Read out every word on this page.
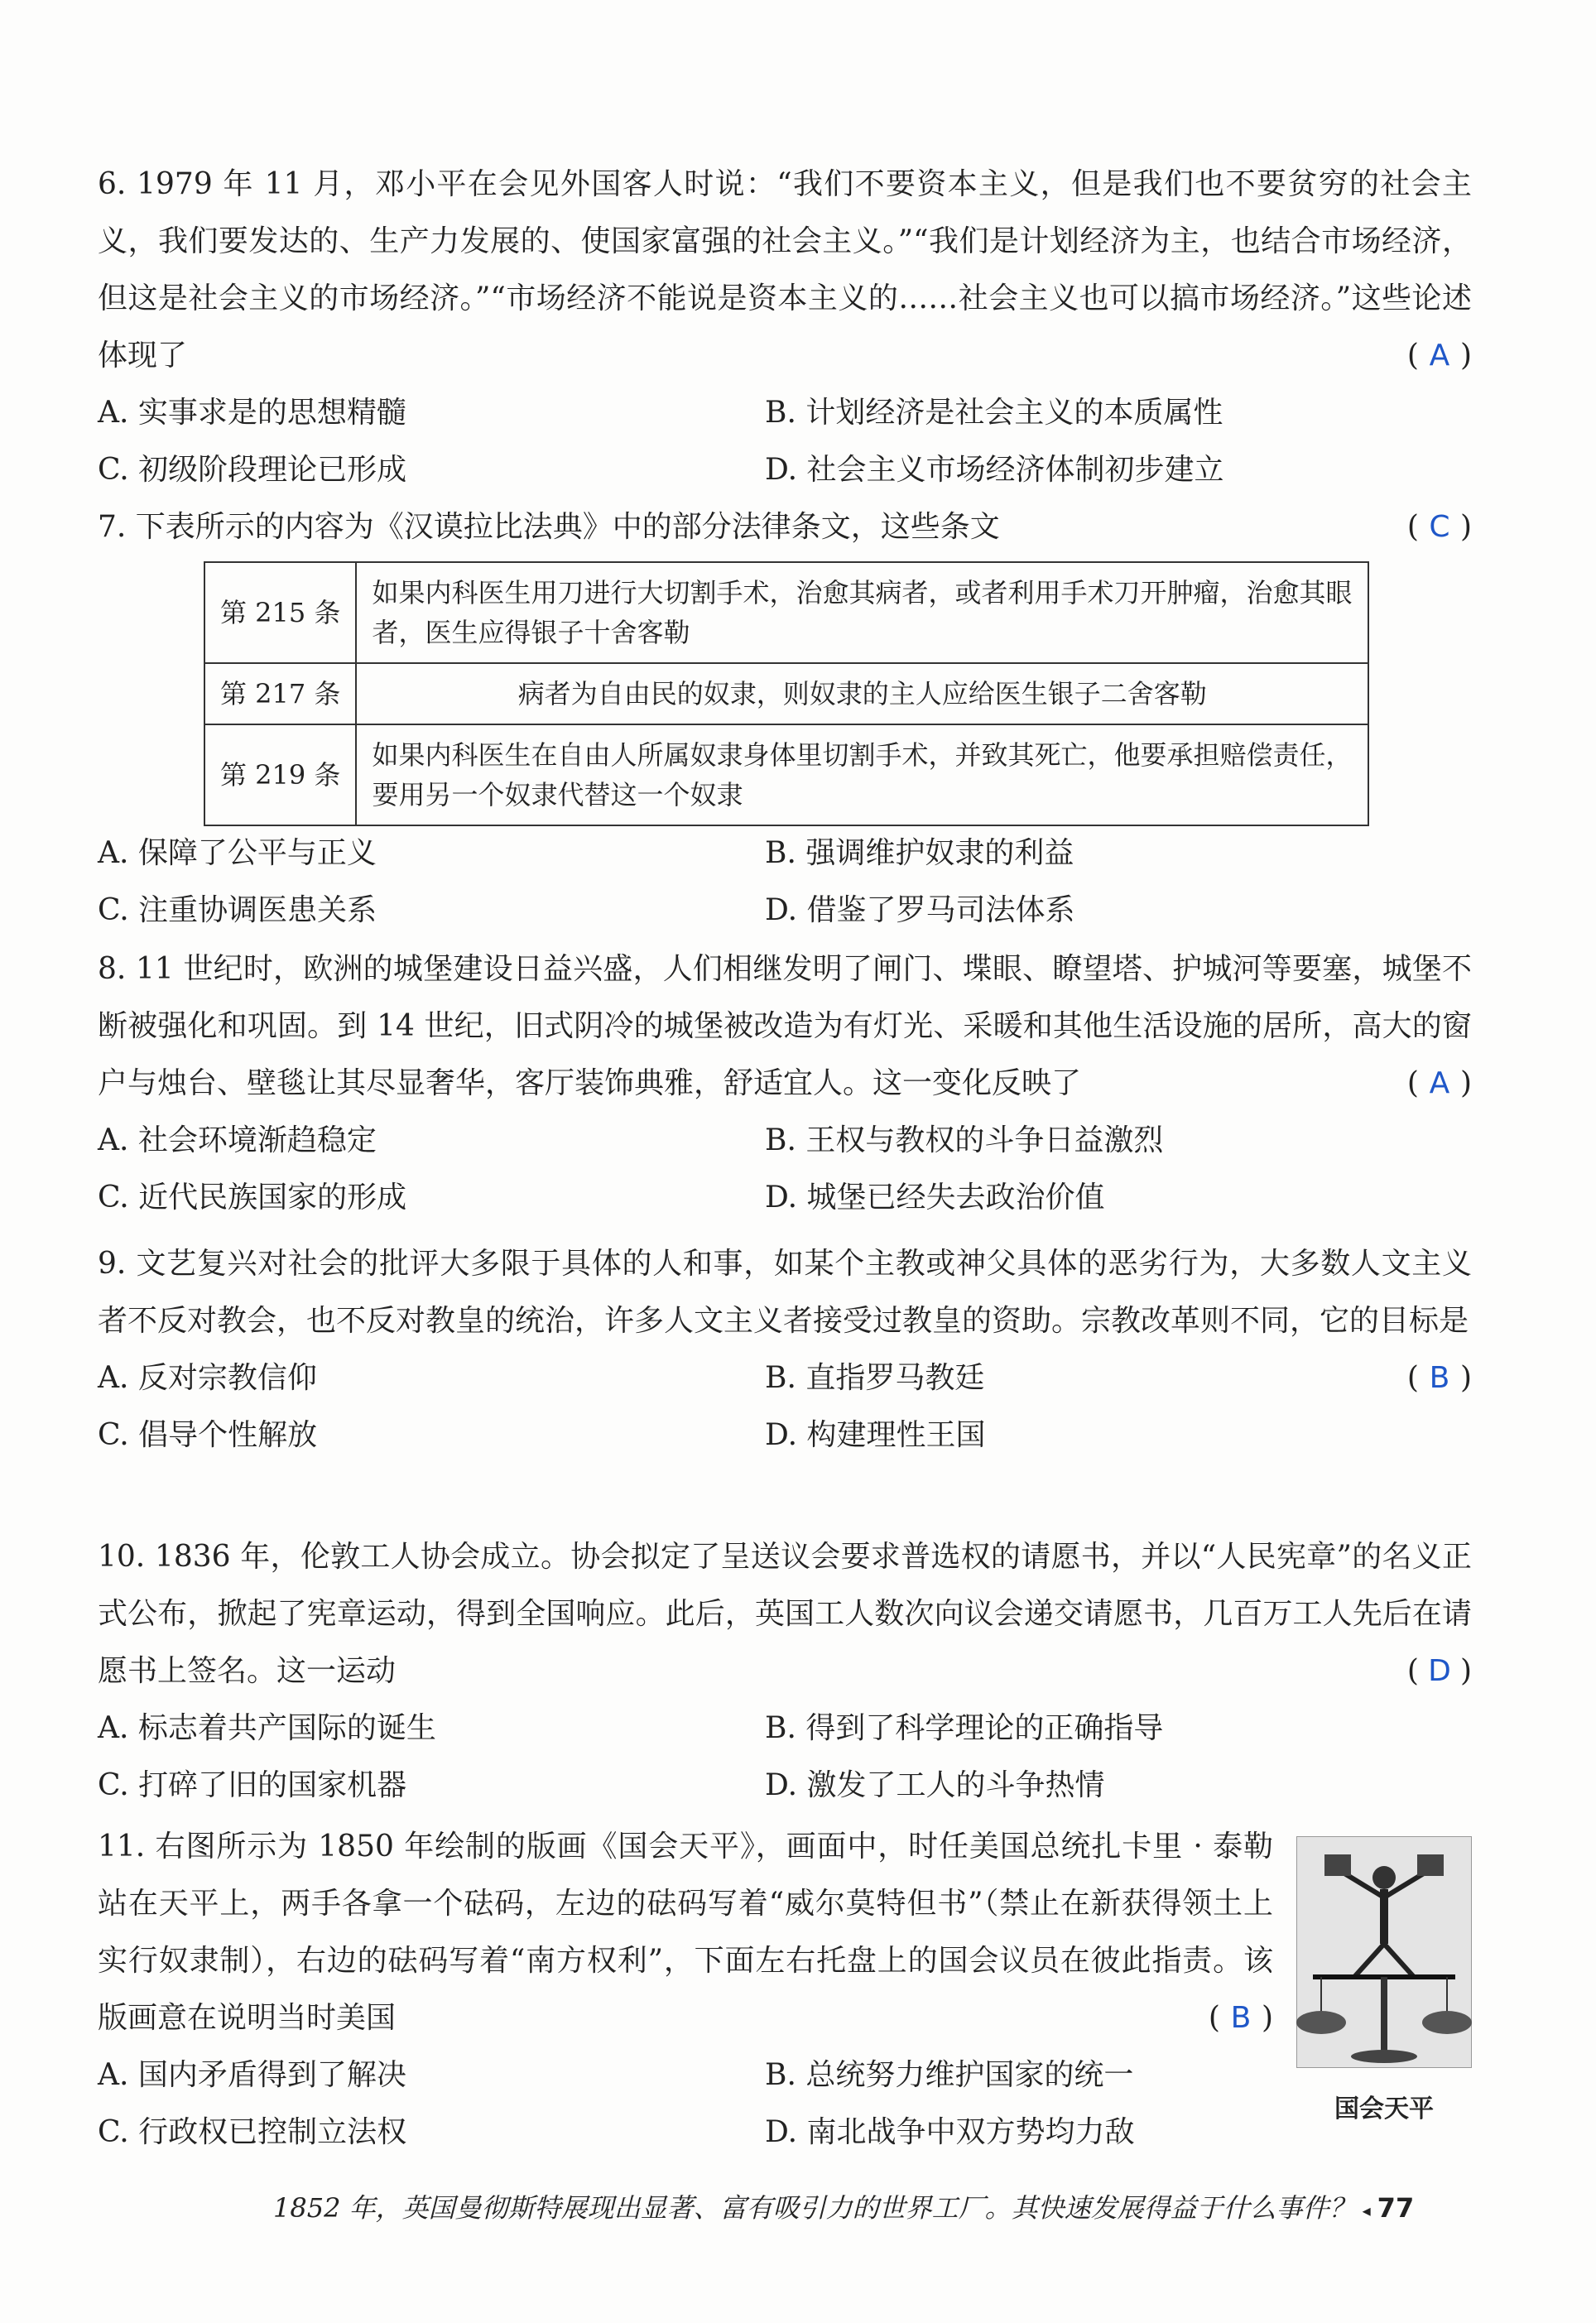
6. 1979 年 11 月，邓小平在会见外国客人时说：“我们不要资本主义，但是我们也不要贫穷的社会主义，我们要发达的、生产力发展的、使国家富强的社会主义。”“我们是计划经济为主，也结合市场经济，但这是社会主义的市场经济。”“市场经济不能说是资本主义的……社会主义也可以搞市场经济。”这些论述体现了	( A )
A. 实事求是的思想精髓	B. 计划经济是社会主义的本质属性
C. 初级阶段理论已形成	D. 社会主义市场经济体制初步建立
7. 下表所示的内容为《汉谟拉比法典》中的部分法律条文，这些条文	( C )
第 215 条	如果内科医生用刀进行大切割手术，治愈其病者，或者利用手术刀开肿瘤，治愈其眼者，医生应得银子十舍客勒
第 217 条	病者为自由民的奴隶，则奴隶的主人应给医生银子二舍客勒
第 219 条	如果内科医生在自由人所属奴隶身体里切割手术，并致其死亡，他要承担赔偿责任，要用另一个奴隶代替这一个奴隶
A. 保障了公平与正义	B. 强调维护奴隶的利益
C. 注重协调医患关系	D. 借鉴了罗马司法体系
8. 11 世纪时，欧洲的城堡建设日益兴盛，人们相继发明了闸门、堞眼、瞭望塔、护城河等要塞，城堡不断被强化和巩固。到 14 世纪，旧式阴冷的城堡被改造为有灯光、采暖和其他生活设施的居所，高大的窗户与烛台、壁毯让其尽显奢华，客厅装饰典雅，舒适宜人。这一变化反映了	( A )
A. 社会环境渐趋稳定	B. 王权与教权的斗争日益激烈
C. 近代民族国家的形成	D. 城堡已经失去政治价值
9. 文艺复兴对社会的批评大多限于具体的人和事，如某个主教或神父具体的恶劣行为，大多数人文主义者不反对教会，也不反对教皇的统治，许多人文主义者接受过教皇的资助。宗教改革则不同，它的目标是
( B )
A. 反对宗教信仰	B. 直指罗马教廷
C. 倡导个性解放	D. 构建理性王国
10. 1836 年，伦敦工人协会成立。协会拟定了呈送议会要求普选权的请愿书，并以“人民宪章”的名义正式公布，掀起了宪章运动，得到全国响应。此后，英国工人数次向议会递交请愿书，几百万工人先后在请愿书上签名。这一运动	( D )
A. 标志着共产国际的诞生	B. 得到了科学理论的正确指导
C. 打碎了旧的国家机器	D. 激发了工人的斗争热情
11. 右图所示为 1850 年绘制的版画《国会天平》，画面中，时任美国总统扎卡里 · 泰勒站在天平上，两手各拿一个砝码，左边的砝码写着“威尔莫特但书”（禁止在新获得领土上实行奴隶制），右边的砝码写着“南方权利”，下面左右托盘上的国会议员在彼此指责。该版画意在说明当时美国	( B )
A. 国内矛盾得到了解决	B. 总统努力维护国家的统一
C. 行政权已控制立法权	D. 南北战争中双方势均力敌
国会天平
1852 年，英国曼彻斯特展现出显著、富有吸引力的世界工厂。其快速发展得益于什么事件？ ◂ 77
